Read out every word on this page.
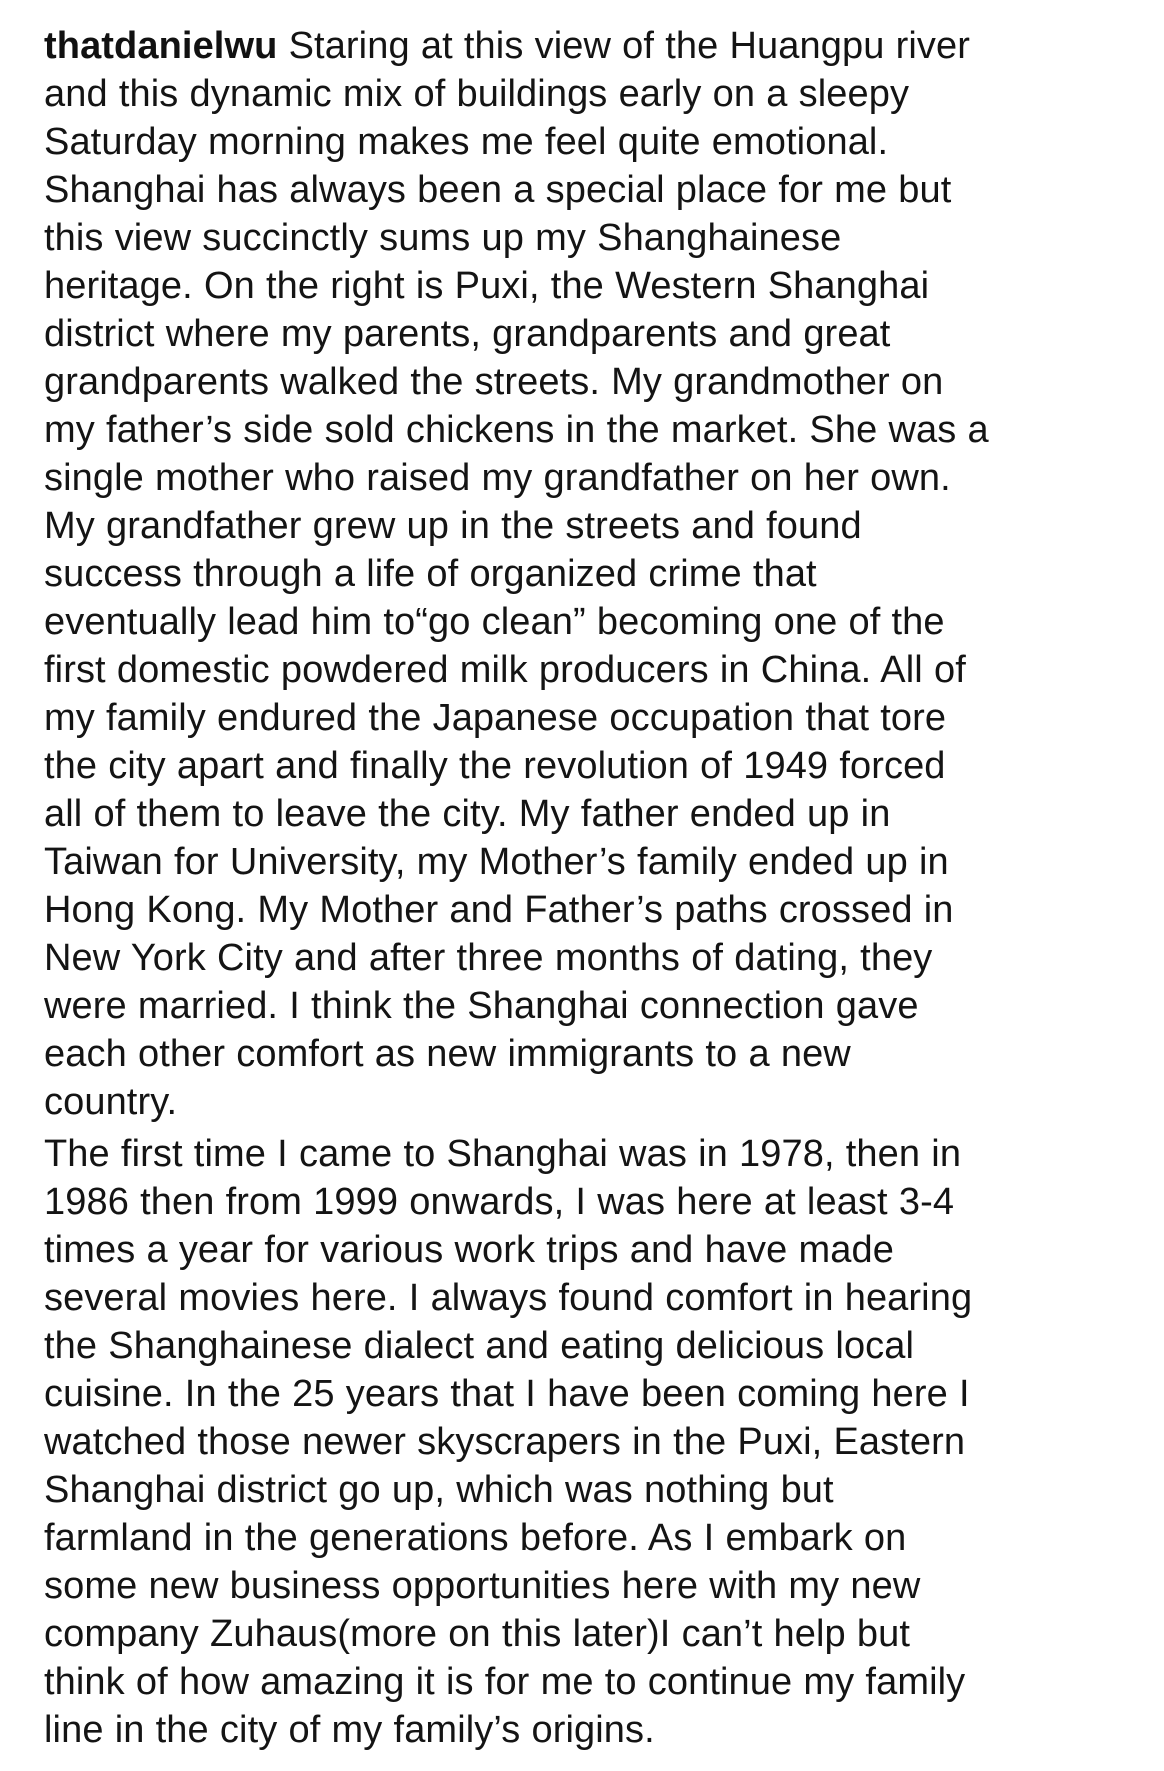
thatdanielwu Staring at this view of the Huangpu river
and this dynamic mix of buildings early on a sleepy
Saturday morning makes me feel quite emotional.
Shanghai has always been a special place for me but
this view succinctly sums up my Shanghainese
heritage. On the right is Puxi, the Western Shanghai
district where my parents, grandparents and great
grandparents walked the streets. My grandmother on
my father’s side sold chickens in the market. She was a
single mother who raised my grandfather on her own.
My grandfather grew up in the streets and found
success through a life of organized crime that
eventually lead him to“go clean” becoming one of the
first domestic powdered milk producers in China. All of
my family endured the Japanese occupation that tore
the city apart and finally the revolution of 1949 forced
all of them to leave the city. My father ended up in
Taiwan for University, my Mother’s family ended up in
Hong Kong. My Mother and Father’s paths crossed in
New York City and after three months of dating, they
were married. I think the Shanghai connection gave
each other comfort as new immigrants to a new
country.

The first time I came to Shanghai was in 1978, then in
1986 then from 1999 onwards, I was here at least 3-4
times a year for various work trips and have made
several movies here. I always found comfort in hearing
the Shanghainese dialect and eating delicious local
cuisine. In the 25 years that I have been coming here I
watched those newer skyscrapers in the Puxi, Eastern
Shanghai district go up, which was nothing but
farmland in the generations before. As I embark on
some new business opportunities here with my new
company Zuhaus(more on this later)I can’t help but
think of how amazing it is for me to continue my family
line in the city of my family’s origins.
